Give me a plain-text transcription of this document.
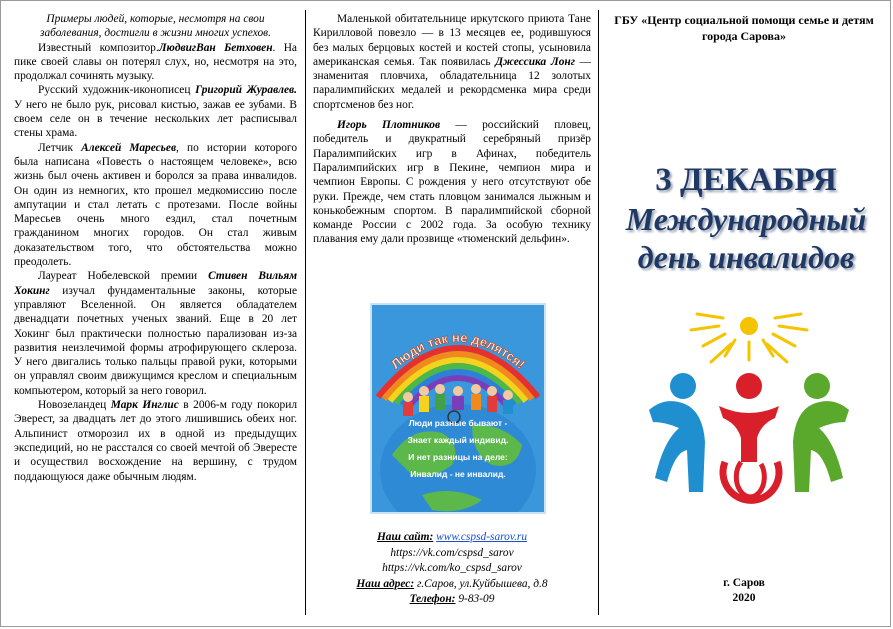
Примеры людей, которые, несмотря на свои заболевания, достигли в жизни многих успехов.

Известный композитор.ЛюдвигВан Бетховен. На пике своей славы он потерял слух, но, несмотря на это, продолжал сочинять музыку.

Русский художник-иконописец Григорий Журавлев. У него не было рук, рисовал кистью, зажав ее зубами. В своем селе он в течение нескольких лет расписывал стены храма.

Летчик Алексей Маресьев, по истории которого была написана «Повесть о настоящем человеке», всю жизнь был очень активен и боролся за права инвалидов. Он один из немногих, кто прошел медкомиссию после ампутации и стал летать с протезами. После войны Маресьев очень много ездил, стал почетным гражданином многих городов. Он стал живым доказательством того, что обстоятельства можно преодолеть.

Лауреат Нобелевской премии Стивен Вильям Хокинг изучал фундаментальные законы, которые управляют Вселенной. Он является обладателем двенадцати почетных ученых званий. Еще в 20 лет Хокинг был практически полностью парализован из-за развития неизлечимой формы атрофирующего склероза. У него двигались только пальцы правой руки, которыми он управлял своим движущимся креслом и специальным компьютером, который за него говорил.

Новозеландец Марк Инглис в 2006-м году покорил Эверест, за двадцать лет до этого лишившись обеих ног. Альпинист отморозил их в одной из предыдущих экспедиций, но не расстался со своей мечтой об Эвересте и осуществил восхождение на вершину, с трудом поддающуюся даже обычным людям.

Маленькой обитательнице иркутского приюта Тане Кирилловой повезло — в 13 месяцев ее, родившуюся без малых берцовых костей и костей стопы, усыновила американская семья. Так появилась Джессика Лонг — знаменитая пловчиха, обладательница 12 золотых паралимпийских медалей и рекордсменка мира среди спортсменов без ног.

Игорь Плотников — российский пловец, победитель и двукратный серебряный призёр Паралимпийских игр в Афинах, победитель Паралимпийских игр в Пекине, чемпион мира и чемпион Европы. С рождения у него отсутствуют обе руки. Прежде, чем стать пловцом занимался лыжным и конькобежным спортом. В паралимпийской сборной команде России с 2002 года. За особую технику плавания ему дали прозвище «тюменский дельфин».

Люди так не делятся!
Люди разные бывают -
Знает каждый индивид.
И нет разницы на деле:
Инвалид - не инвалид.
Наш сайт: www.cspsd-sarov.ru
https://vk.com/cspsd_sarov
https://vk.com/ko_cspsd_sarov
Наш адрес: г.Саров, ул.Куйбышева, д.8
Телефон: 9-83-09
ГБУ «Центр социальной помощи семье и детям города Сарова»
3 ДЕКАБРЯ
Международный
день инвалидов
г. Саров
2020
